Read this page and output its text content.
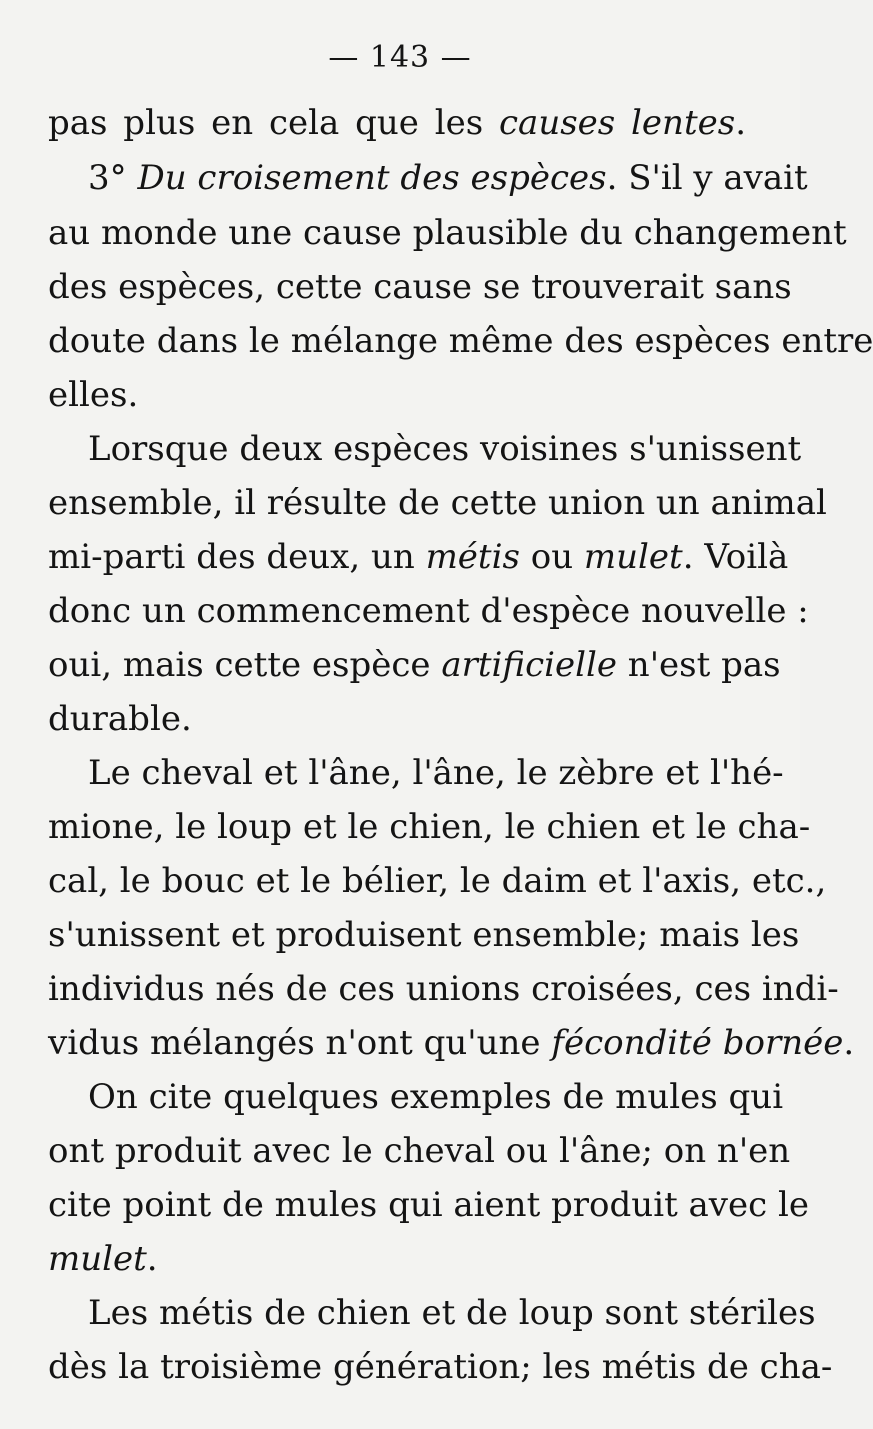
— 143 —
pas plus en cela que les causes lentes.
3° Du croisement des espèces. S'il y avait
au monde une cause plausible du changement
des espèces, cette cause se trouverait sans
doute dans le mélange même des espèces entre
elles.
Lorsque deux espèces voisines s'unissent
ensemble, il résulte de cette union un animal
mi-parti des deux, un métis ou mulet. Voilà
donc un commencement d'espèce nouvelle :
oui, mais cette espèce artificielle n'est pas
durable.
Le cheval et l'âne, l'âne, le zèbre et l'hé-
mione, le loup et le chien, le chien et le cha-
cal, le bouc et le bélier, le daim et l'axis, etc.,
s'unissent et produisent ensemble; mais les
individus nés de ces unions croisées, ces indi-
vidus mélangés n'ont qu'une fécondité bornée.
On cite quelques exemples de mules qui
ont produit avec le cheval ou l'âne; on n'en
cite point de mules qui aient produit avec le
mulet.
Les métis de chien et de loup sont stériles
dès la troisième génération; les métis de cha-
